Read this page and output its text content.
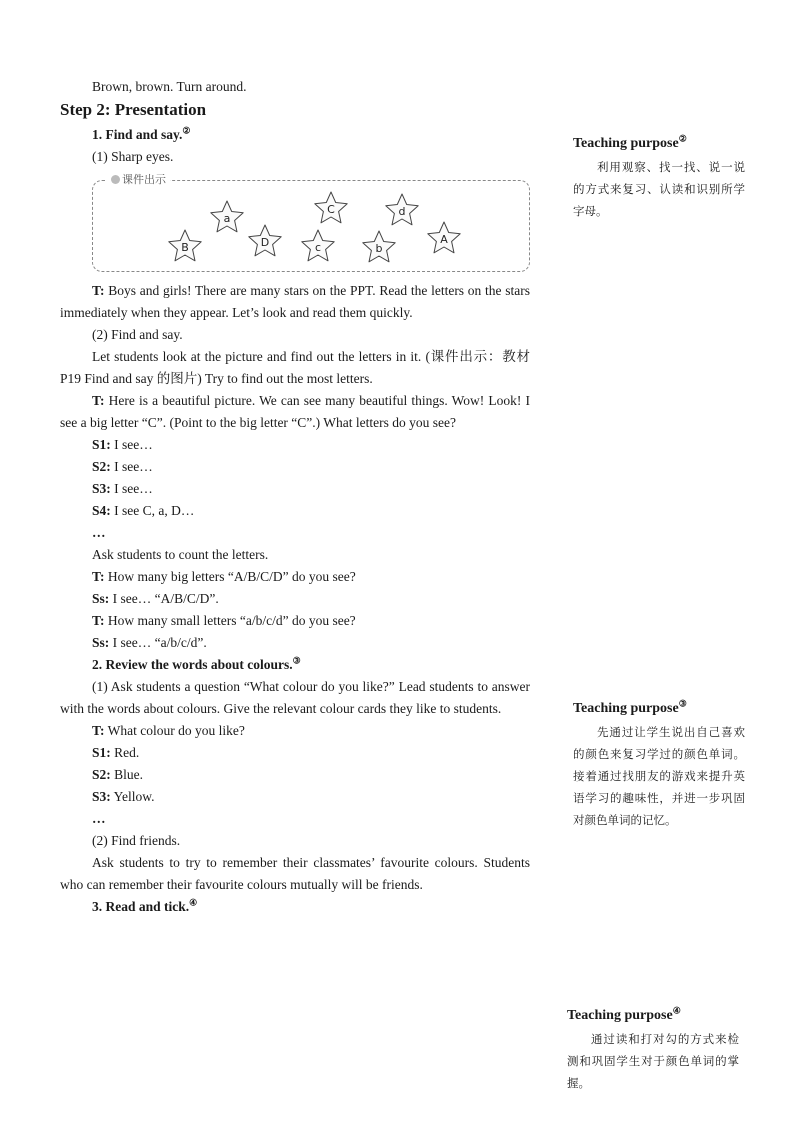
Brown, brown. Turn around.

Step 2: Presentation

1. Find and say.②

(1) Sharp eyes.

课件出示
B
a
D
C
c	b
d
A

T: Boys and girls! There are many stars on the PPT. Read the letters on the stars immediately when they appear. Let’s look and read them quickly.

(2) Find and say.

Let students look at the picture and find out the letters in it. (课件出示：教材 P19 Find and say 的图片) Try to find out the most letters.

T: Here is a beautiful picture. We can see many beautiful things. Wow! Look! I see a big letter “C”. (Point to the big letter “C”.) What letters do you see?

S1: I see…

S2: I see…

S3: I see…

S4: I see C, a, D…

…

Ask students to count the letters.

T: How many big letters “A/B/C/D” do you see?

Ss: I see… “A/B/C/D”.

T: How many small letters “a/b/c/d” do you see?

Ss: I see… “a/b/c/d”.

2. Review the words about colours.③

(1) Ask students a question “What colour do you like?” Lead students to answer with the words about colours. Give the relevant colour cards they like to students.

T: What colour do you like?

S1: Red.

S2: Blue.

S3: Yellow.

…

(2) Find friends.

Ask students to try to remember their classmates’ favourite colours. Students who can remember their favourite colours mutually will be friends.

3. Read and tick.④

Teaching purpose②

利用观察、找一找、说一说的方式来复习、认读和识别所学字母。

Teaching purpose③

先通过让学生说出自己喜欢的颜色来复习学过的颜色单词。接着通过找朋友的游戏来提升英语学习的趣味性，并进一步巩固对颜色单词的记忆。

Teaching purpose④

通过读和打对勾的方式来检测和巩固学生对于颜色单词的掌握。
